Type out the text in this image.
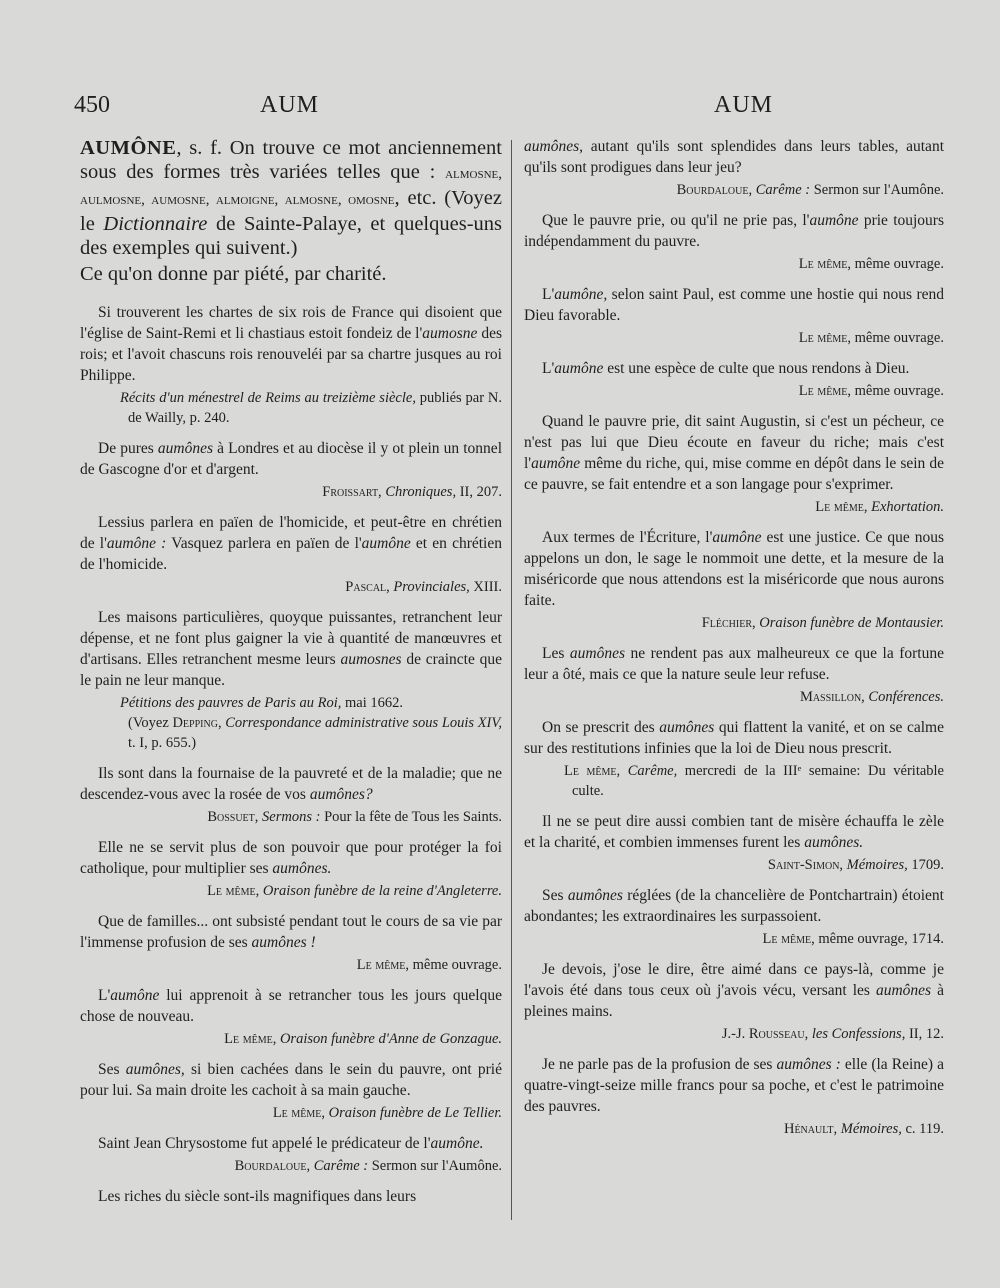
450	AUM	AUM

AUMÔNE, s. f. On trouve ce mot anciennement sous des formes très variées telles que : almosne, aulmosne, aumosne, almoigne, almosne, omosne, etc. (Voyez le Dictionnaire de Sainte-Palaye, et quelques-uns des exemples qui suivent.)
Ce qu'on donne par piété, par charité.

Si trouverent les chartes de six rois de France qui disoient que l'église de Saint-Remi et li chastiaus estoit fondeiz de l'aumosne des rois; et l'avoit chascuns rois renouveléi par sa chartre jusques au roi Philippe.

Récits d'un ménestrel de Reims au treizième siècle, publiés par N. de Wailly, p. 240.

De pures aumônes à Londres et au diocèse il y ot plein un tonnel de Gascogne d'or et d'argent.

Froissart, Chroniques, II, 207.

Lessius parlera en païen de l'homicide, et peut-être en chrétien de l'aumône : Vasquez parlera en païen de l'aumône et en chrétien de l'homicide.

Pascal, Provinciales, XIII.

Les maisons particulières, quoyque puissantes, retranchent leur dépense, et ne font plus gaigner la vie à quantité de manœuvres et d'artisans. Elles retranchent mesme leurs aumosnes de craincte que le pain ne leur manque.

Pétitions des pauvres de Paris au Roi, mai 1662.
(Voyez Depping, Correspondance administrative sous Louis XIV, t. I, p. 655.)

Ils sont dans la fournaise de la pauvreté et de la maladie; que ne descendez-vous avec la rosée de vos aumônes?

Bossuet, Sermons : Pour la fête de Tous les Saints.

Elle ne se servit plus de son pouvoir que pour protéger la foi catholique, pour multiplier ses aumônes.

Le même, Oraison funèbre de la reine d'Angleterre.

Que de familles... ont subsisté pendant tout le cours de sa vie par l'immense profusion de ses aumônes !

Le même, même ouvrage.

L'aumône lui apprenoit à se retrancher tous les jours quelque chose de nouveau.

Le même, Oraison funèbre d'Anne de Gonzague.

Ses aumônes, si bien cachées dans le sein du pauvre, ont prié pour lui. Sa main droite les cachoit à sa main gauche.

Le même, Oraison funèbre de Le Tellier.

Saint Jean Chrysostome fut appelé le prédicateur de l'aumône.

Bourdaloue, Carême : Sermon sur l'Aumône.

Les riches du siècle sont-ils magnifiques dans leurs

aumônes, autant qu'ils sont splendides dans leurs tables, autant qu'ils sont prodigues dans leur jeu?

Bourdaloue, Carême : Sermon sur l'Aumône.

Que le pauvre prie, ou qu'il ne prie pas, l'aumône prie toujours indépendamment du pauvre.

Le même, même ouvrage.

L'aumône, selon saint Paul, est comme une hostie qui nous rend Dieu favorable.

Le même, même ouvrage.

L'aumône est une espèce de culte que nous rendons à Dieu.

Le même, même ouvrage.

Quand le pauvre prie, dit saint Augustin, si c'est un pécheur, ce n'est pas lui que Dieu écoute en faveur du riche; mais c'est l'aumône même du riche, qui, mise comme en dépôt dans le sein de ce pauvre, se fait entendre et a son langage pour s'exprimer.

Le même, Exhortation.

Aux termes de l'Écriture, l'aumône est une justice. Ce que nous appelons un don, le sage le nommoit une dette, et la mesure de la miséricorde que nous attendons est la miséricorde que nous aurons faite.

Fléchier, Oraison funèbre de Montausier.

Les aumônes ne rendent pas aux malheureux ce que la fortune leur a ôté, mais ce que la nature seule leur refuse.

Massillon, Conférences.

On se prescrit des aumônes qui flattent la vanité, et on se calme sur des restitutions infinies que la loi de Dieu nous prescrit.

Le même, Carême, mercredi de la IIIᵉ semaine: Du véritable culte.

Il ne se peut dire aussi combien tant de misère échauffa le zèle et la charité, et combien immenses furent les aumônes.

Saint-Simon, Mémoires, 1709.

Ses aumônes réglées (de la chancelière de Pontchartrain) étoient abondantes; les extraordinaires les surpassoient.

Le même, même ouvrage, 1714.

Je devois, j'ose le dire, être aimé dans ce pays-là, comme je l'avois été dans tous ceux où j'avois vécu, versant les aumônes à pleines mains.

J.-J. Rousseau, les Confessions, II, 12.

Je ne parle pas de la profusion de ses aumônes : elle (la Reine) a quatre-vingt-seize mille francs pour sa poche, et c'est le patrimoine des pauvres.

Hénault, Mémoires, c. 119.
